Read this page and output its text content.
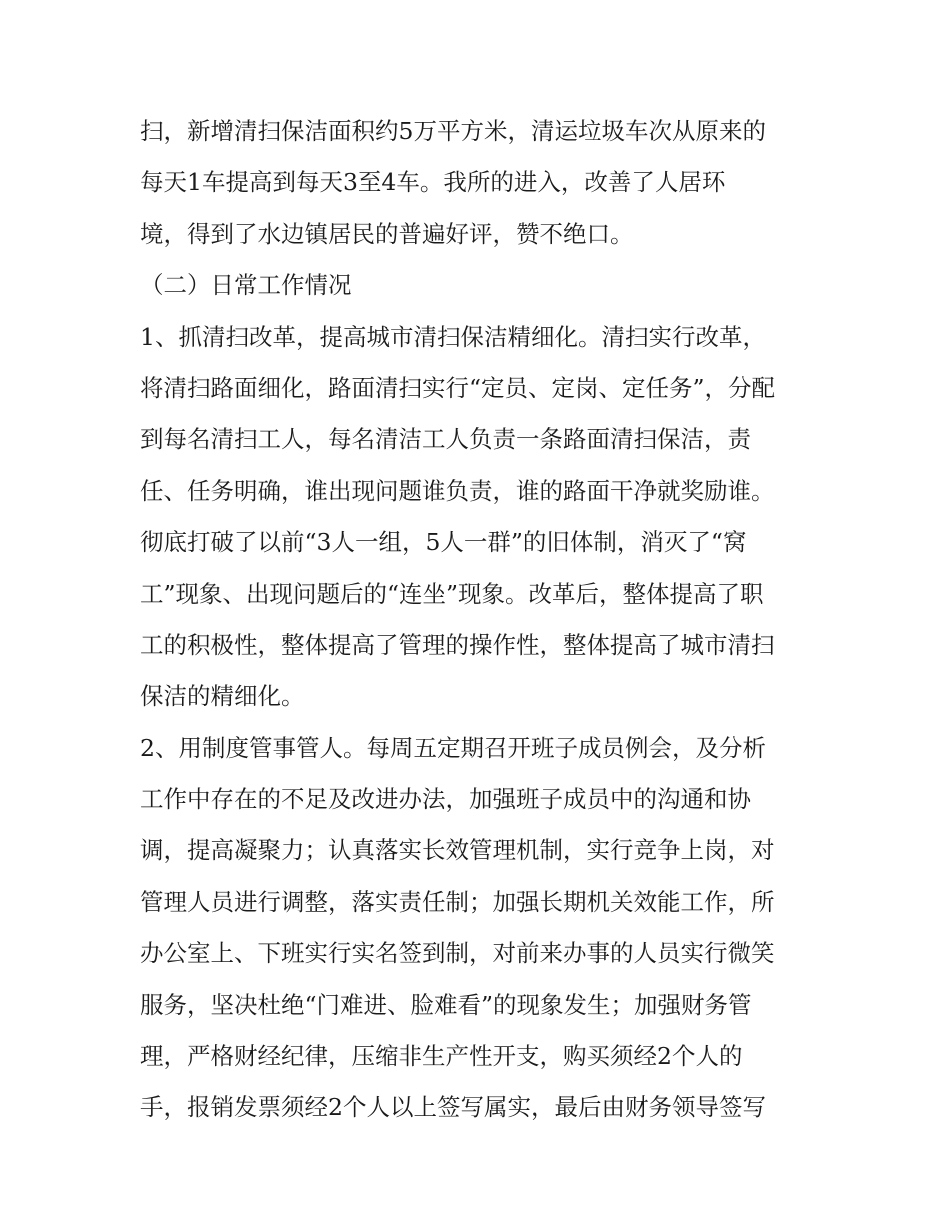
扫，新增清扫保洁面积约5万平方米，清运垃圾车次从原来的
每天1车提高到每天3至4车。我所的进入，改善了人居环
境，得到了水边镇居民的普遍好评，赞不绝口。
（二）日常工作情况
1、抓清扫改革，提高城市清扫保洁精细化。清扫实行改革，
将清扫路面细化，路面清扫实行“定员、定岗、定任务”，分配
到每名清扫工人，每名清洁工人负责一条路面清扫保洁，责
任、任务明确，谁出现问题谁负责，谁的路面干净就奖励谁。
彻底打破了以前“3人一组，5人一群”的旧体制，消灭了“窝
工”现象、出现问题后的“连坐”现象。改革后，整体提高了职
工的积极性，整体提高了管理的操作性，整体提高了城市清扫
保洁的精细化。
2、用制度管事管人。每周五定期召开班子成员例会，及分析
工作中存在的不足及改进办法，加强班子成员中的沟通和协
调，提高凝聚力；认真落实长效管理机制，实行竞争上岗，对
管理人员进行调整，落实责任制；加强长期机关效能工作，所
办公室上、下班实行实名签到制，对前来办事的人员实行微笑
服务，坚决杜绝“门难进、脸难看”的现象发生；加强财务管
理，严格财经纪律，压缩非生产性开支，购买须经2个人的
手，报销发票须经2个人以上签写属实，最后由财务领导签写
